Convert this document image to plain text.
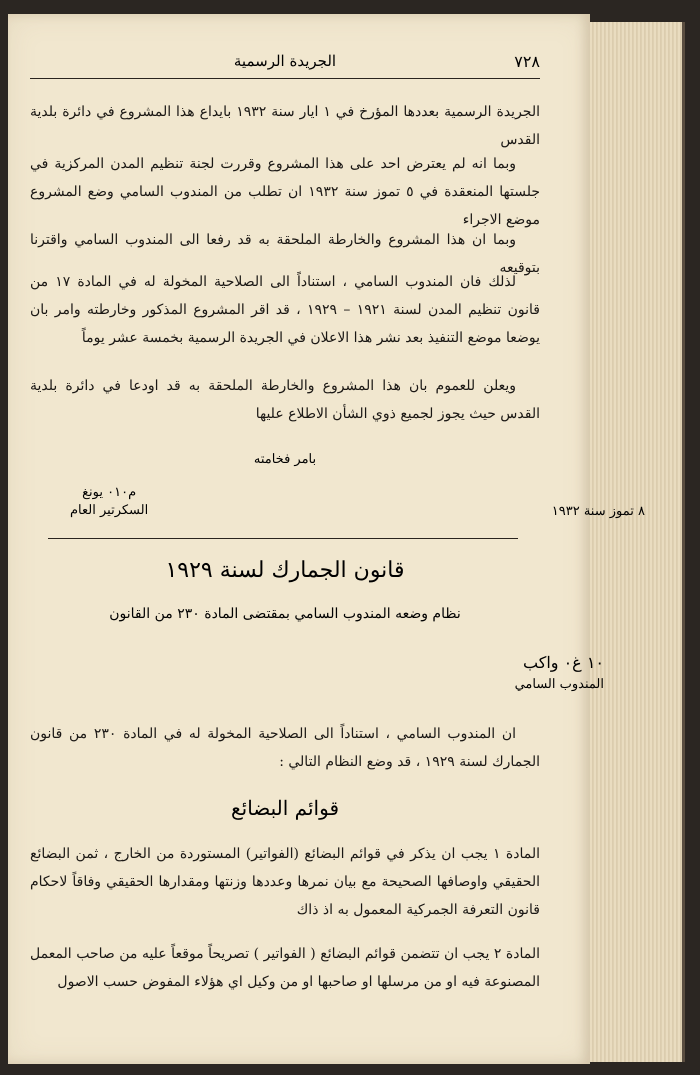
٧٢٨
الجريدة الرسمية
الجريدة الرسمية بعددها المؤرخ في ١ ايار سنة ١٩٣٢ بايداع هذا المشروع في دائرة بلدية القدس
وبما انه لم يعترض احد على هذا المشروع وقررت لجنة تنظيم المدن المركزية في جلستها المنعقدة في ٥ تموز سنة ١٩٣٢ ان تطلب من المندوب السامي وضع المشروع موضع الاجراء
وبما ان هذا المشروع والخارطة الملحقة به قد رفعا الى المندوب السامي واقترنا بتوقيعه
لذلك فان المندوب السامي ، استناداً الى الصلاحية المخولة له في المادة ١٧ من قانون تنظيم المدن لسنة ١٩٢١ – ١٩٢٩ ، قد اقر المشروع المذكور وخارطته وامر بان يوضعا موضع التنفيذ بعد نشر هذا الاعلان في الجريدة الرسمية بخمسة عشر يوماً
ويعلن للعموم بان هذا المشروع والخارطة الملحقة به قد اودعا في دائرة بلدية القدس حيث يجوز لجميع ذوي الشأن الاطلاع عليها
بامر فخامته
م٠١٠ يونغ
السكرتير العام	٨ تموز سنة ١٩٣٢
قانون الجمارك لسنة ١٩٢٩
نظام وضعه المندوب السامي بمقتضى المادة ٢٣٠ من القانون
١٠ غ٠ واكب
المندوب السامي
ان المندوب السامي ، استناداً الى الصلاحية المخولة له في المادة ٢٣٠ من قانون الجمارك لسنة ١٩٢٩ ، قد وضع النظام التالي :
قوائم البضائع
المادة ١ يجب ان يذكر في قوائم البضائع (الفواتير) المستوردة من الخارج ، ثمن البضائع الحقيقي واوصافها الصحيحة مع بيان نمرها وعددها وزنتها ومقدارها الحقيقي وفاقاً لاحكام قانون التعرفة الجمركية المعمول به اذ ذاك
المادة ٢ يجب ان تتضمن قوائم البضائع ( الفواتير ) تصريحاً موقعاً عليه من صاحب المعمل المصنوعة فيه او من مرسلها او صاحبها او من وكيل اي هؤلاء المفوض حسب الاصول
